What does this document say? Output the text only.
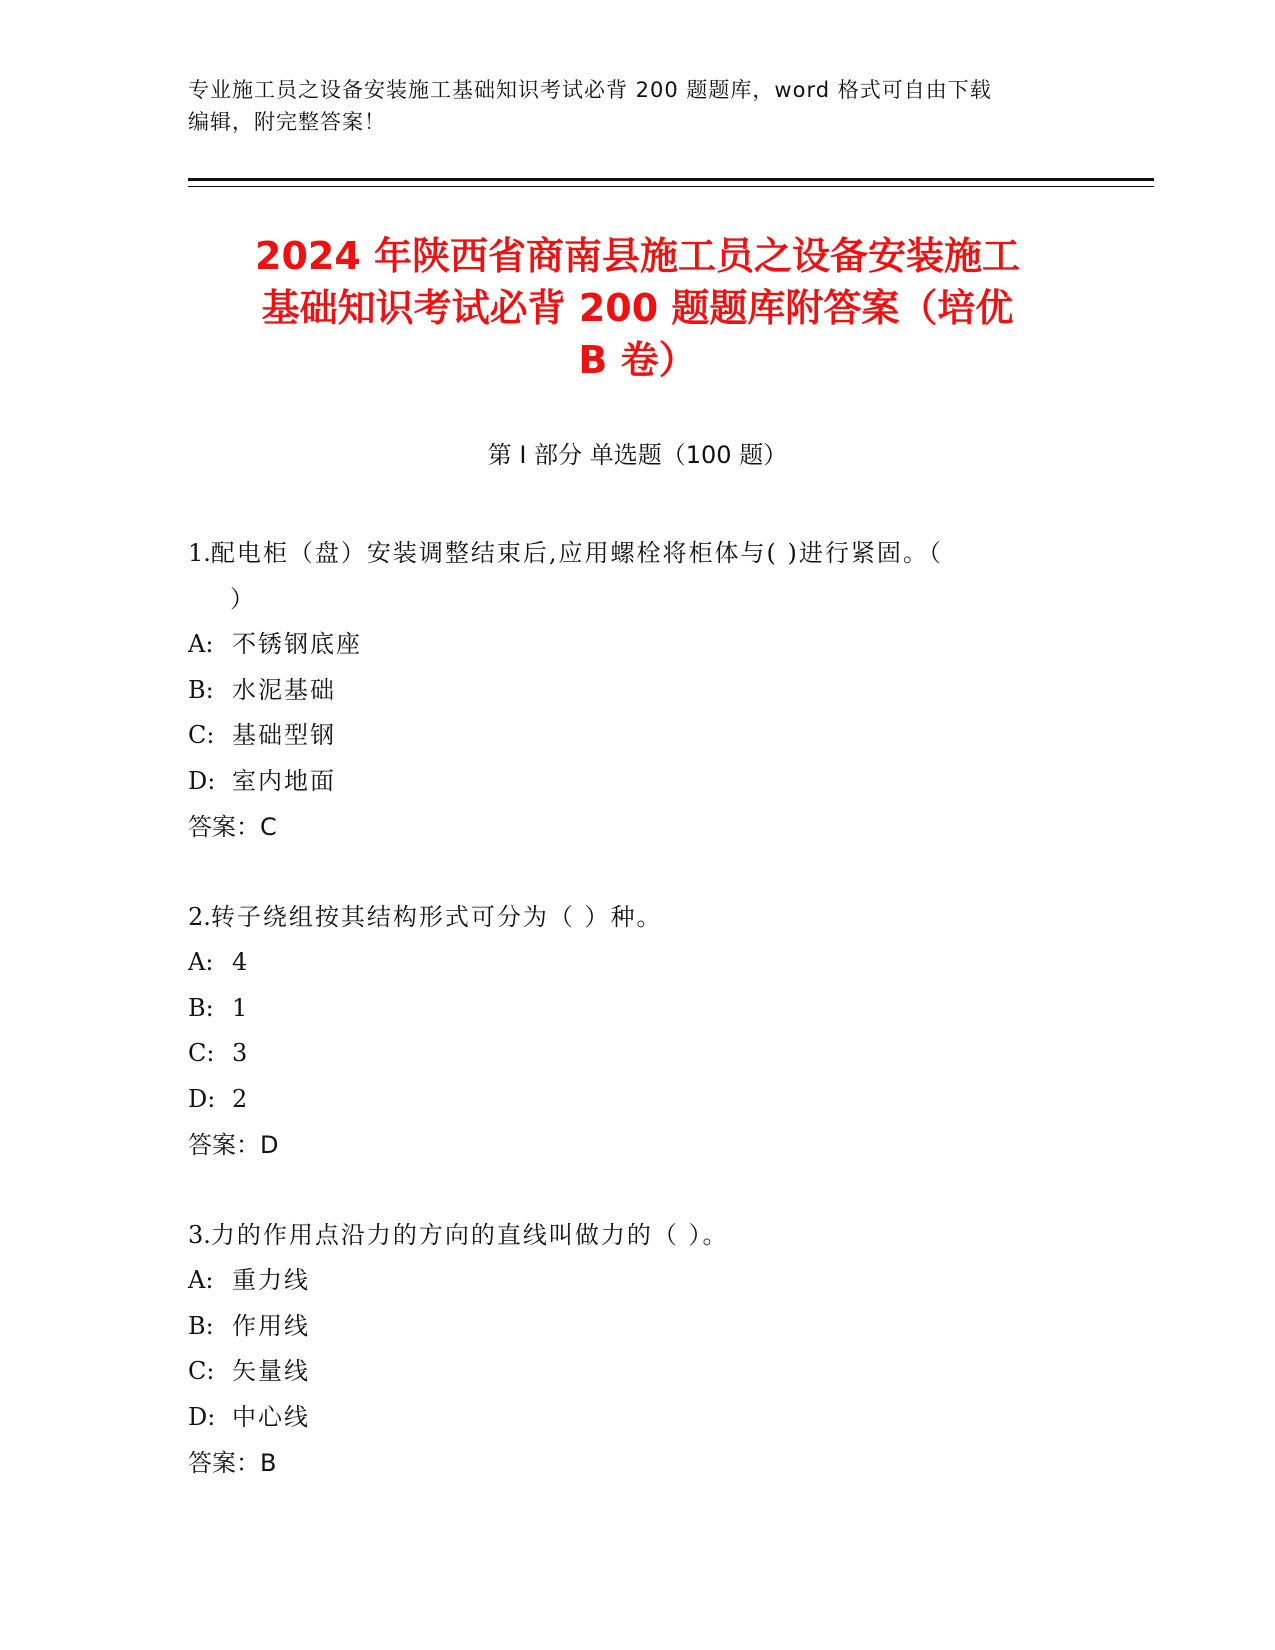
专业施工员之设备安装施工基础知识考试必背 200 题题库，word 格式可自由下载
编辑，附完整答案！
2024 年陕西省商南县施工员之设备安装施工
基础知识考试必背 200 题题库附答案（培优
B 卷）
第 I 部分 单选题（100 题）
1.配电柜（盘）安装调整结束后,应用螺栓将柜体与( )进行紧固。（
）
A: 不锈钢底座
B: 水泥基础
C: 基础型钢
D: 室内地面
答案：C
2.转子绕组按其结构形式可分为（ ）种。
A: 4
B: 1
C: 3
D: 2
答案：D
3.力的作用点沿力的方向的直线叫做力的（ ）。
A: 重力线
B: 作用线
C: 矢量线
D: 中心线
答案：B
